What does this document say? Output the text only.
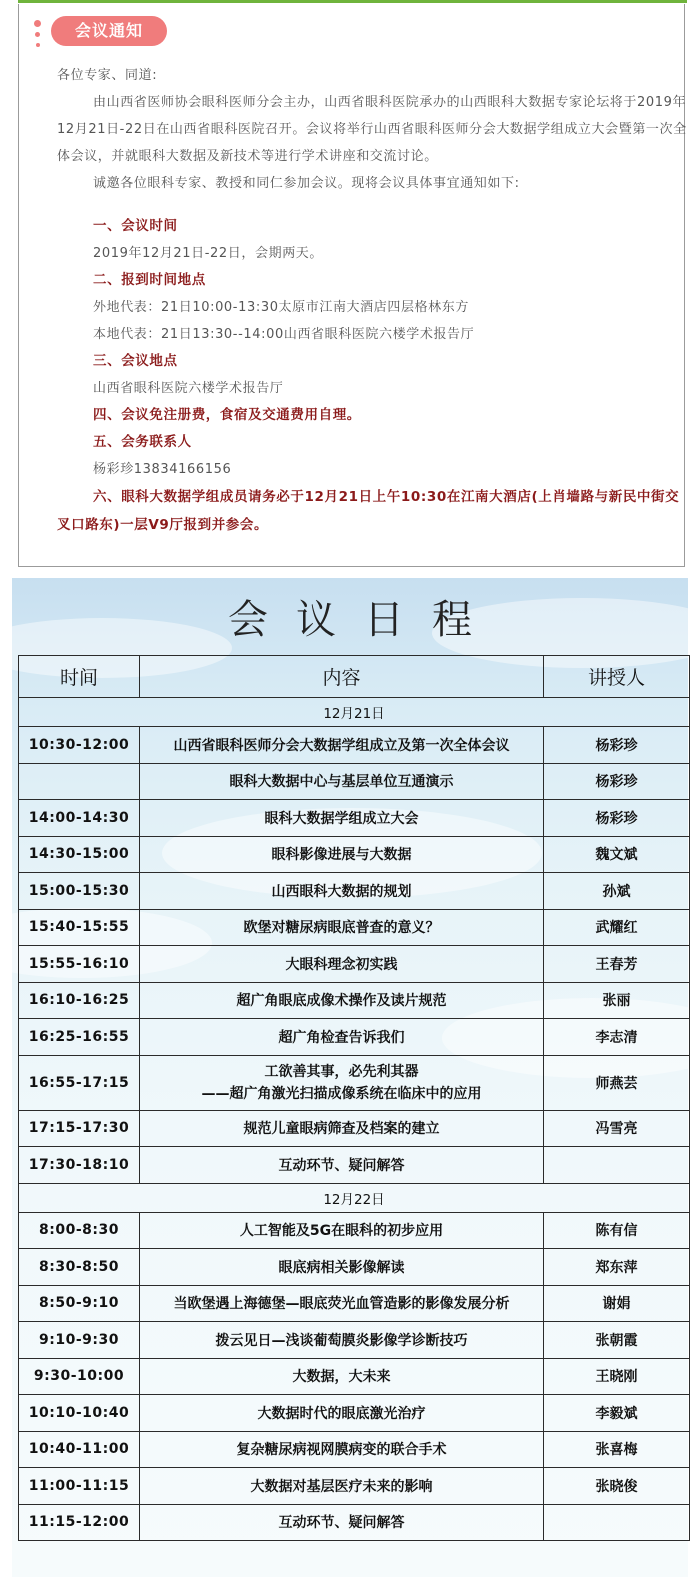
会议通知
各位专家、同道:
由山西省医师协会眼科医师分会主办，山西省眼科医院承办的山西眼科大数据专家论坛将于2019年12月21日-22日在山西省眼科医院召开。会议将举行山西省眼科医师分会大数据学组成立大会暨第一次全体会议，并就眼科大数据及新技术等进行学术讲座和交流讨论。
诚邀各位眼科专家、教授和同仁参加会议。现将会议具体事宜通知如下:
一、会议时间
2019年12月21日-22日，会期两天。
二、报到时间地点
外地代表：21日10:00-13:30太原市江南大酒店四层格林东方
本地代表：21日13:30--14:00山西省眼科医院六楼学术报告厅
三、会议地点
山西省眼科医院六楼学术报告厅
四、会议免注册费，食宿及交通费用自理。
五、会务联系人
杨彩珍13834166156
六、眼科大数据学组成员请务必于12月21日上午10:30在江南大酒店(上肖墙路与新民中街交叉口路东)一层V9厅报到并参会。
会议日程
时间	内容	讲授人
12月21日		
10:30-12:00	山西省眼科医师分会大数据学组成立及第一次全体会议	杨彩珍
	眼科大数据中心与基层单位互通演示	杨彩珍
14:00-14:30	眼科大数据学组成立大会	杨彩珍
14:30-15:00	眼科影像进展与大数据	魏文斌
15:00-15:30	山西眼科大数据的规划	孙斌
15:40-15:55	欧堡对糖尿病眼底普查的意义？	武耀红
15:55-16:10	大眼科理念初实践	王春芳
16:10-16:25	超广角眼底成像术操作及读片规范	张丽
16:25-16:55	超广角检查告诉我们	李志清
16:55-17:15	工欲善其事，必先利其器
——超广角激光扫描成像系统在临床中的应用	师燕芸
17:15-17:30	规范儿童眼病筛查及档案的建立	冯雪亮
17:30-18:10	互动环节、疑问解答	
12月22日		
8:00-8:30	人工智能及5G在眼科的初步应用	陈有信
8:30-8:50	眼底病相关影像解读	郑东萍
8:50-9:10	当欧堡遇上海德堡—眼底荧光血管造影的影像发展分析	谢娟
9:10-9:30	拨云见日—浅谈葡萄膜炎影像学诊断技巧	张朝霞
9:30-10:00	大数据，大未来	王晓刚
10:10-10:40	大数据时代的眼底激光治疗	李毅斌
10:40-11:00	复杂糖尿病视网膜病变的联合手术	张喜梅
11:00-11:15	大数据对基层医疗未来的影响	张晓俊
11:15-12:00	互动环节、疑问解答	
